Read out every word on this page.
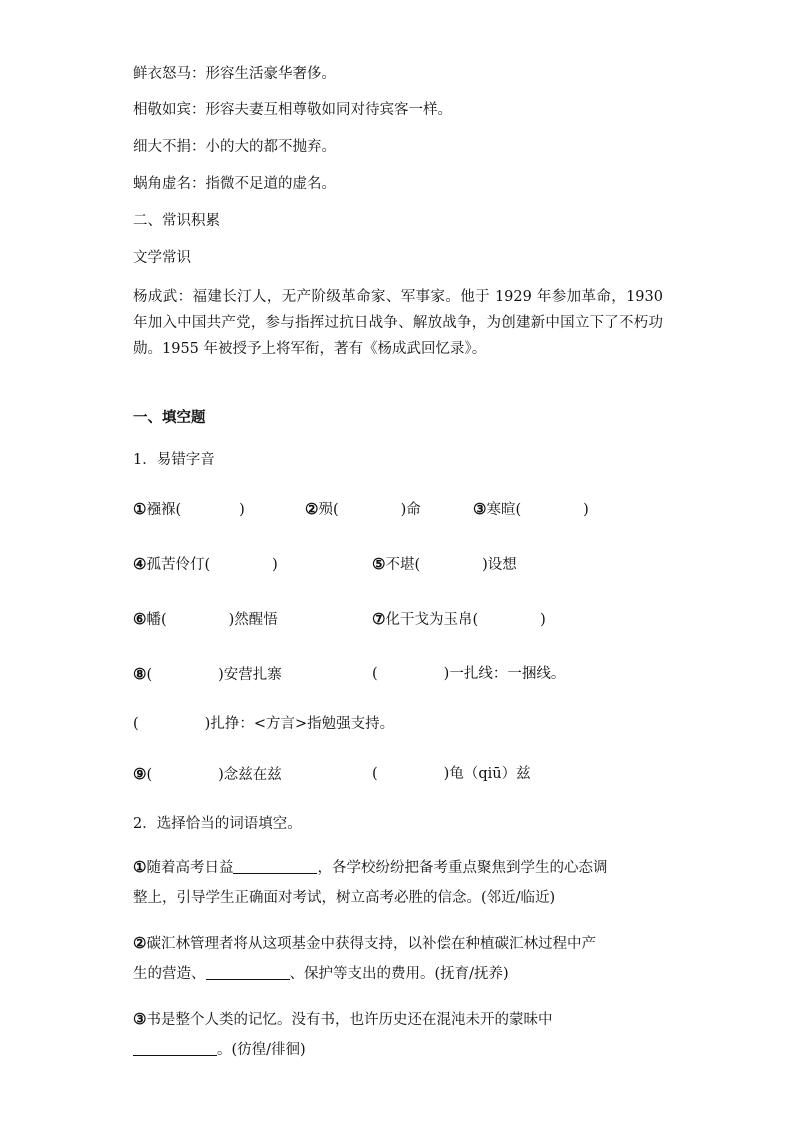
鲜衣怒马：形容生活豪华奢侈。
相敬如宾：形容夫妻互相尊敬如同对待宾客一样。
细大不捐：小的大的都不抛弃。
蜗角虚名：指微不足道的虚名。
二、常识积累
文学常识
杨成武：福建长汀人，无产阶级革命家、军事家。他于 1929 年参加革命，1930 年加入中国共产党，参与指挥过抗日战争、解放战争，为创建新中国立下了不朽功勋。1955 年被授予上将军衔，著有《杨成武回忆录》。
一、填空题
1．易错字音
①襁褓(	)	②殒(	)命	③寒暄(	)
④孤苦伶仃(	)	⑤不堪(	)设想
⑥幡(	)然醒悟	⑦化干戈为玉帛(	)
⑧(	)安营扎寨	(	)一扎线：一捆线。
(	)扎挣：<方言>指勉强支持。
⑨(	)念兹在兹	(	)龟（qiū）兹
2．选择恰当的词语填空。
①随着高考日益	，各学校纷纷把备考重点聚焦到学生的心态调
整上，引导学生正确面对考试，树立高考必胜的信念。(邻近/临近)
②碳汇林管理者将从这项基金中获得支持，以补偿在种植碳汇林过程中产
生的营造、	、保护等支出的费用。(抚育/抚养)
③书是整个人类的记忆。没有书，也许历史还在混沌未开的蒙昧中
。(彷徨/徘徊)
